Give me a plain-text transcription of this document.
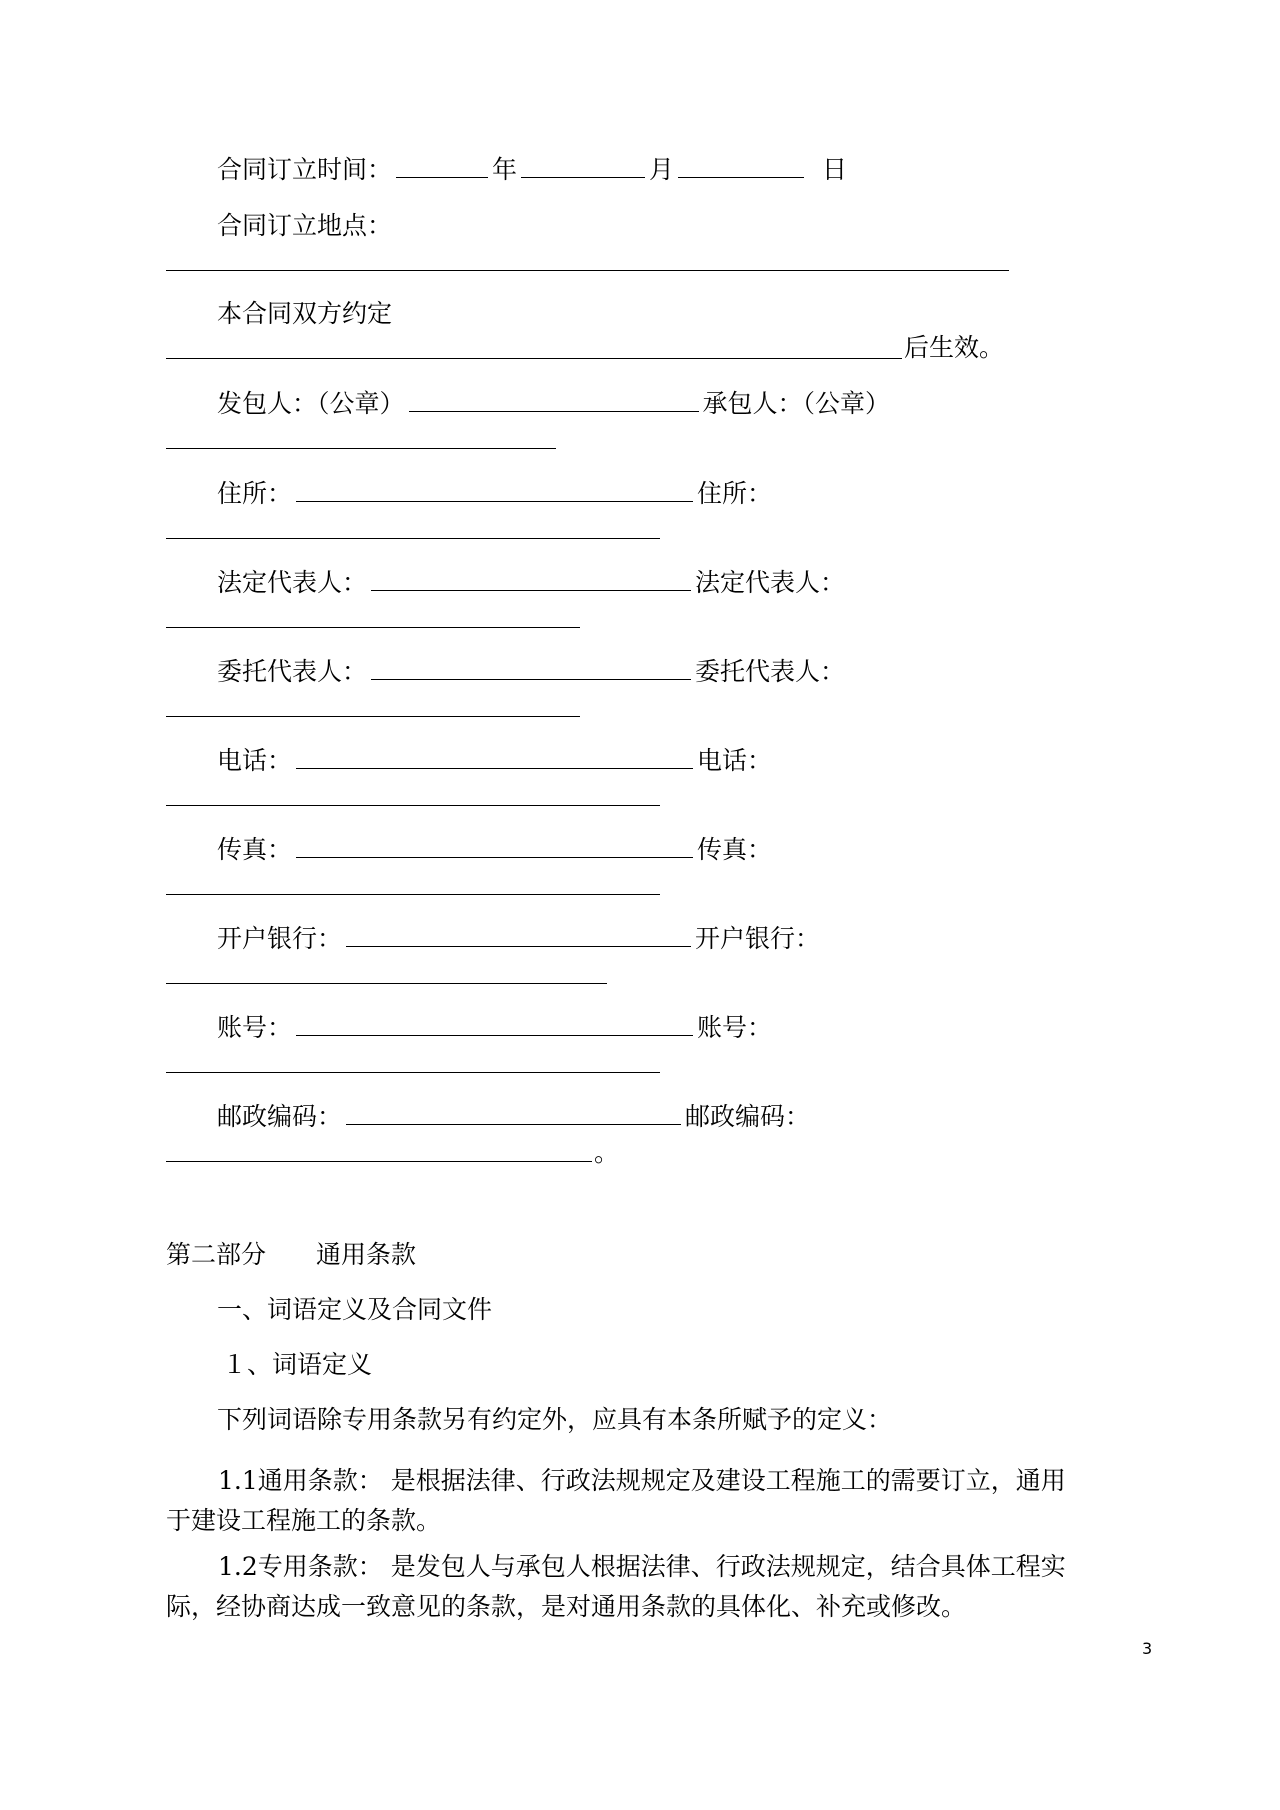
合同订立时间：	年	月	日
合同订立地点：
本合同双方约定
后生效。
发包人：（公章）	承包人：（公章）
住所：	住所：
法定代表人：	法定代表人：
委托代表人：	委托代表人：
电话：	电话：
传真：	传真：
开户银行：	开户银行：
账号：	账号：
邮政编码：	邮政编码：
。
第二部分 通用条款
一、词语定义及合同文件
１、词语定义
下列词语除专用条款另有约定外，应具有本条所赋予的定义：
1.1通用条款： 是根据法律、行政法规规定及建设工程施工的需要订立，通用于建设工程施工的条款。
1.2专用条款： 是发包人与承包人根据法律、行政法规规定，结合具体工程实际，经协商达成一致意见的条款，是对通用条款的具体化、补充或修改。
3
